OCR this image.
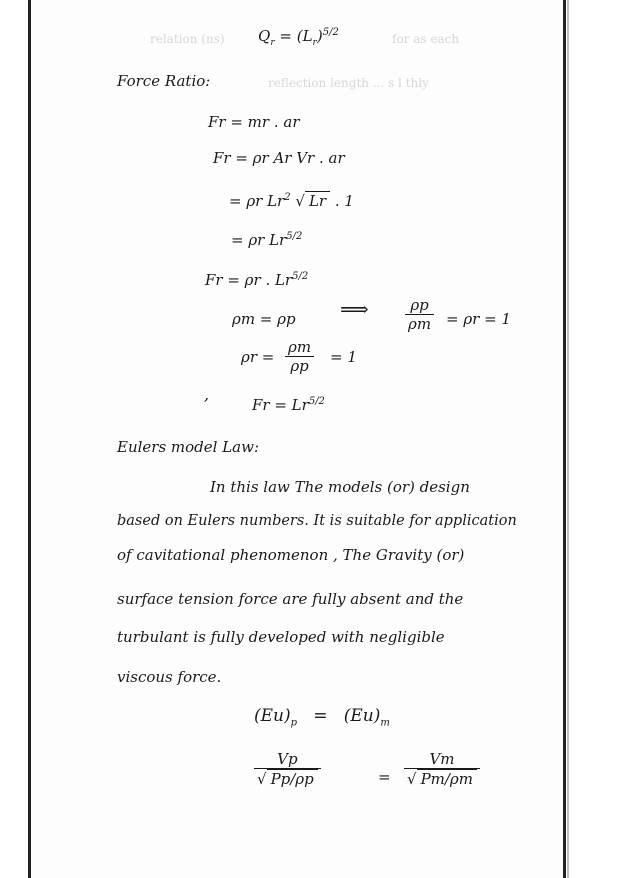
relation (ns) $Q_r = (L_r)^{5/2}$	for as each
Force Ratio:	reflection length ... s l thly
Fr = mr . ar
Fr = ρr Ar Vr . ar
= ρr Lr$^2$ √ Lr . 1
= ρr $Lr^{5/2}$
Fr = ρr . $Lr^{5/2}$
ρm = ρp ⟹ $\frac{\rho p}{\rho m} = \rho r = 1$
$\rho r = \frac{\rho m}{\rho p} = 1$
,
$Fr = Lr^{5/2}$
Eulers model Law:
In this law The models (or) design
based on Eulers numbers. It is suitable for application
of cavitational phenomenon , The Gravity (or)
surface tension force are fully absent and the
turbulant is fully developed with negligible
viscous force.
$(Eu)_p = (Eu)_m$
$\frac{Vp}{√ Pp/\rho p}$	= $\frac{Vm}{√ Pm/\rho m}$
